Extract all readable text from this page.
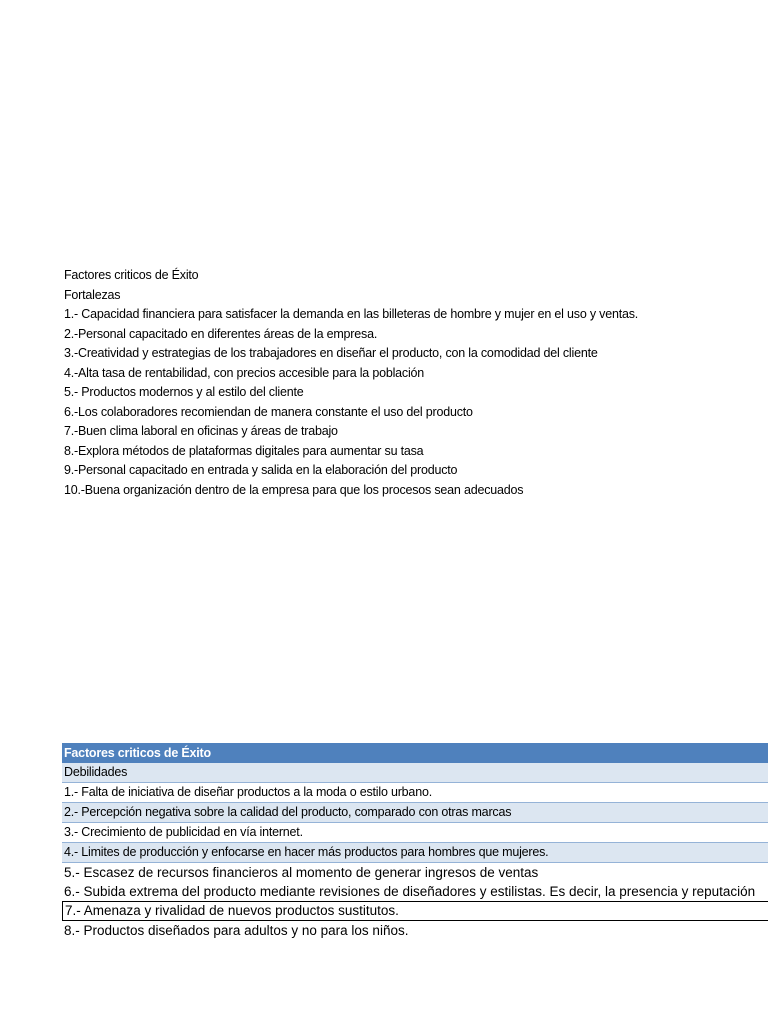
Factores criticos de Éxito
Fortalezas
1.- Capacidad financiera para satisfacer la demanda en las billeteras de hombre y mujer en el uso y ventas.
2.-Personal capacitado en diferentes áreas de la empresa.
3.-Creatividad y estrategias de los trabajadores en diseñar el producto, con la comodidad del cliente
4.-Alta tasa de rentabilidad, con precios accesible para la población
5.- Productos modernos y al estilo del cliente
6.-Los colaboradores recomiendan de manera constante el uso del producto
7.-Buen clima laboral en oficinas y áreas de trabajo
8.-Explora métodos de plataformas digitales para aumentar su tasa
9.-Personal capacitado en entrada y salida en la elaboración del producto
10.-Buena organización dentro de la empresa para que los procesos sean adecuados
Factores criticos de Éxito
Debilidades
1.- Falta de iniciativa de diseñar productos a la moda o estilo urbano.
2.- Percepción negativa sobre la calidad del producto, comparado con otras marcas
3.- Crecimiento de publicidad en vía internet.
4.- Limites de producción y enfocarse en hacer más productos para hombres que mujeres.
5.- Escasez de recursos financieros al momento de generar ingresos de ventas
6.- Subida extrema del producto mediante revisiones de diseñadores y estilistas. Es decir, la presencia y reputación
7.- Amenaza y rivalidad de nuevos productos sustitutos.
8.- Productos diseñados para adultos y no para los niños.
